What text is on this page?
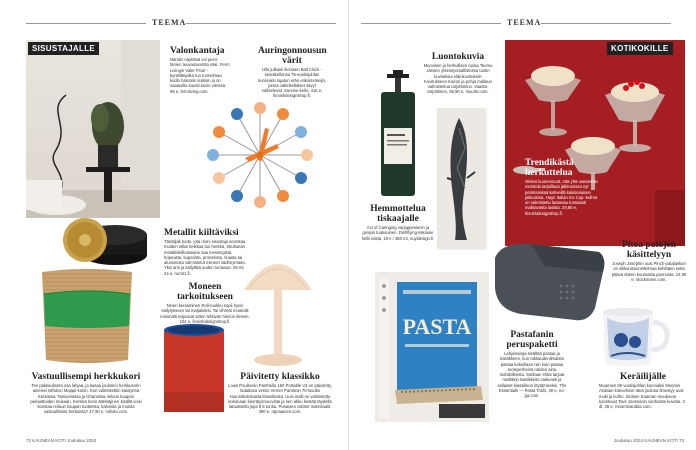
TEEMA
SISUSTAJALLE	Valonkantaja

Nändin näyttävä vol pieni- tänien teuvamanntita väki. Ferm Livingin Valer Floor -kynttilänjalka tuo tunnelmaa kodin hämärin kulmiin ja on saatavilla kuusti kuvin värissä. 99 e, fermliving.com.

Auringonnousun värit

Ulla julkaisi ikonisen Ball Clock -seinäkellonsa 75-vuotisjuhlan kunniaksi rajatun erän erikoisväreijä, joissa väliinkeltäiset sävyt vaihtelevat. Sunrise-kello, 415 e, finnishdesignshop.fi.

Metallit kiiltäviksi

Tässäjak tuote, jota moni sisustaja arvostaa muiden etikä heikkaa tuo herkkä, Skultunan metallinkiillotusaine saa messingistä, hopeasta, kuparista, pronssista, tinasta tai alumiinista valmistetut esineet sädheymään. Yksi anti ja säilyttää uuden tuntuvan. 50 ml, 24 e, rum21.fi.

Moneen tarkoitukseen

Ninen kerasminen Roll-ruukku sopii hyvin säilytykseen tai maljakoksi. Tai vihreät muotoilit minimatti tarjoavat sitten tehtivän hienon ilmeen. 104 e, finnishdesignshop.fi.

Vastuullisempi herkkukori

Tee pakkaukseta osa lahjaa, ja kasaa joulusen herkkusorin aineisei Mifukon Majapi-koriin. Kori valmistettiin käsityönä Keniassa, Tansaniassa ja Ghanassa reiluun kaupan periaatteiden mukaan. Kenties korin äitelsäjinen sisällä voisi koostaa reiluun kaupan tuotteista, kahvista ja muista vastuullisista herkuista? 47,90 e, mifuko.com.

Päivitetty klassikko

Louis Poulsenin Panthella 160 Portable V3 on päivitetty, ladattava versio Verner Pantonin 70-luvulla suunnittelemasta klassikosta. Uusi malli on valmistettu kokonaan kierrätysmuovista ja sen akku kestää täydellä latauksella jopa 9,5 tuntia. Punaisen väriset materiaalit. 390 e, rajnaainen.com.

72 KAUNEAN KOTI Joulukuu 2024
TEEMA
Luontokuvia

Muovisen ja herkullisen ruoka Teemu Järvien yhteistyömallistossa tuotin kuvituksia eläinkuvituksiin Kuvitukseen Koiran ja pohja mallaun valmistettua tarjottimina. Vaasta-tarjottimen, 36,90 e, muurla.com.

Hemmottelua tiskaajalle

Act of Caringing varjappesienin ja greipin tuoksuinen. Dishflying-tiskiaine hellii käsiä, 19 e / 350 ml, nuyldesign.fi.

KOTIKOKILLE
Trendikästä herkuttelua

Oleleo kuonennuot, että yhä useammin ravintola tarjoillaan jälkiruoissa nyt perinteisissä kahveillä kaksiosaisen pikkuisina. Hayn Italian Ice Cup -kulhot on valmistettu laatuvaa runsaasti mahtavasta lasista. 29,80 e, finnishdesignshop.fi.

Pitoa patojen käsittelyyn

Joseph Josephin uusi Pinch-patalaskuri on silikonisuunnitelmaa kehittäen sekä pitävä otteen kuumasta pannusta. 24,90 e, stockmann.com.

PASTA	Pastafanin peruspaketti

Lahjoissarja sisältää pastaa ja kastikkeen, kun rakkaudenilmaista pastaa kokeillaan niin kuin pastaa tuoteperheinä näiden aina mahdollisista. Sutilaan ehkä tarjoat meilläkin kastikkeita vaikeasti ja sellaiset klassikkon löytämiseksi. The Essentials — Pasta Tools, 40 e, no-ga.com.

Keräilijälle

Muumien 80-vuotisjuhlan kunniaksi Moomin Arabian kokoelmiin tänä jouluna ilmestyy uusi muki ja kulho. Sinisen Kaarnan muukuvat koostuvat Tove Janssonin vanhoista kuvista. 2 dl, 28 e, moominarabia.com.

Joulukuu 2024 KAUNEAN KOTI 73
